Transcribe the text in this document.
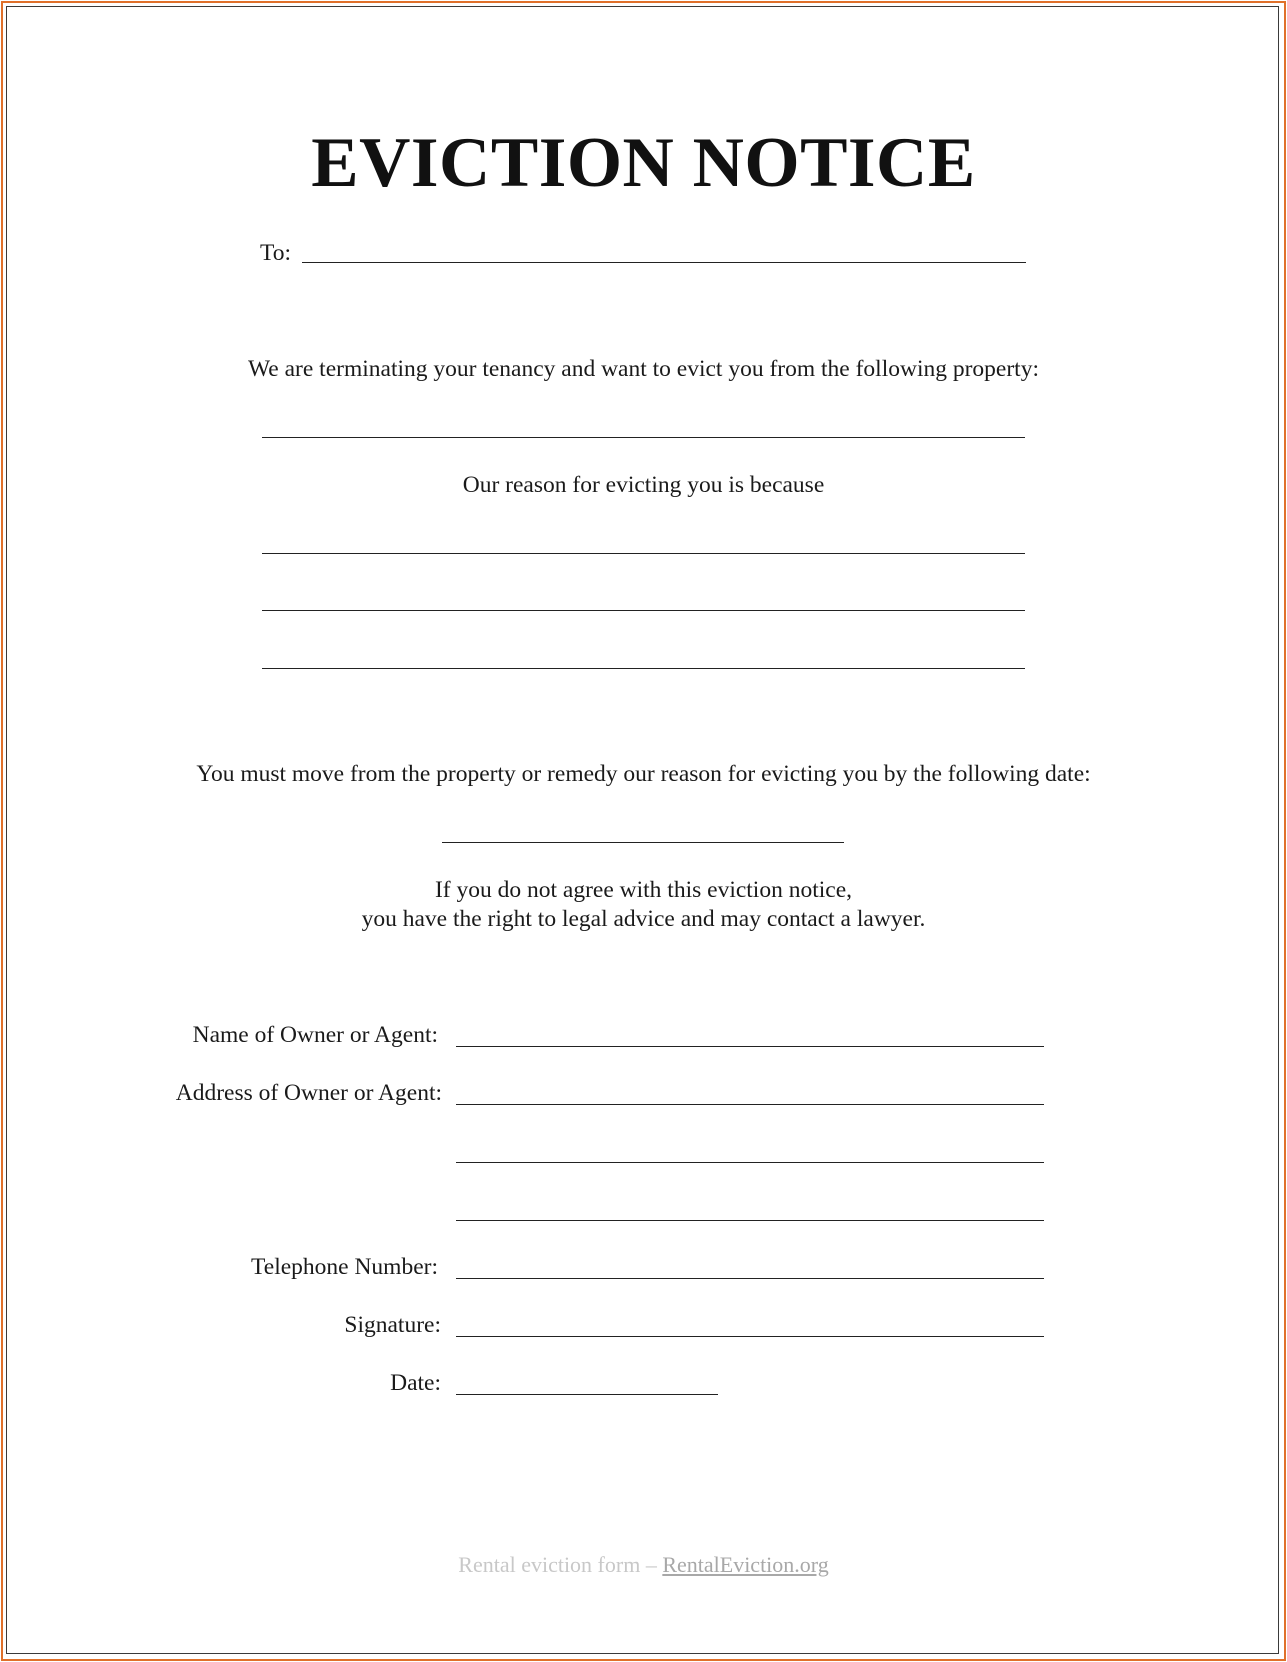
EVICTION NOTICE
To:
We are terminating your tenancy and want to evict you from the following property:
Our reason for evicting you is because
You must move from the property or remedy our reason for evicting you by the following date:
If you do not agree with this eviction notice,
you have the right to legal advice and may contact a lawyer.
Name of Owner or Agent:
Address of Owner or Agent:
Telephone Number:
Signature:
Date:
Rental eviction form – RentalEviction.org
